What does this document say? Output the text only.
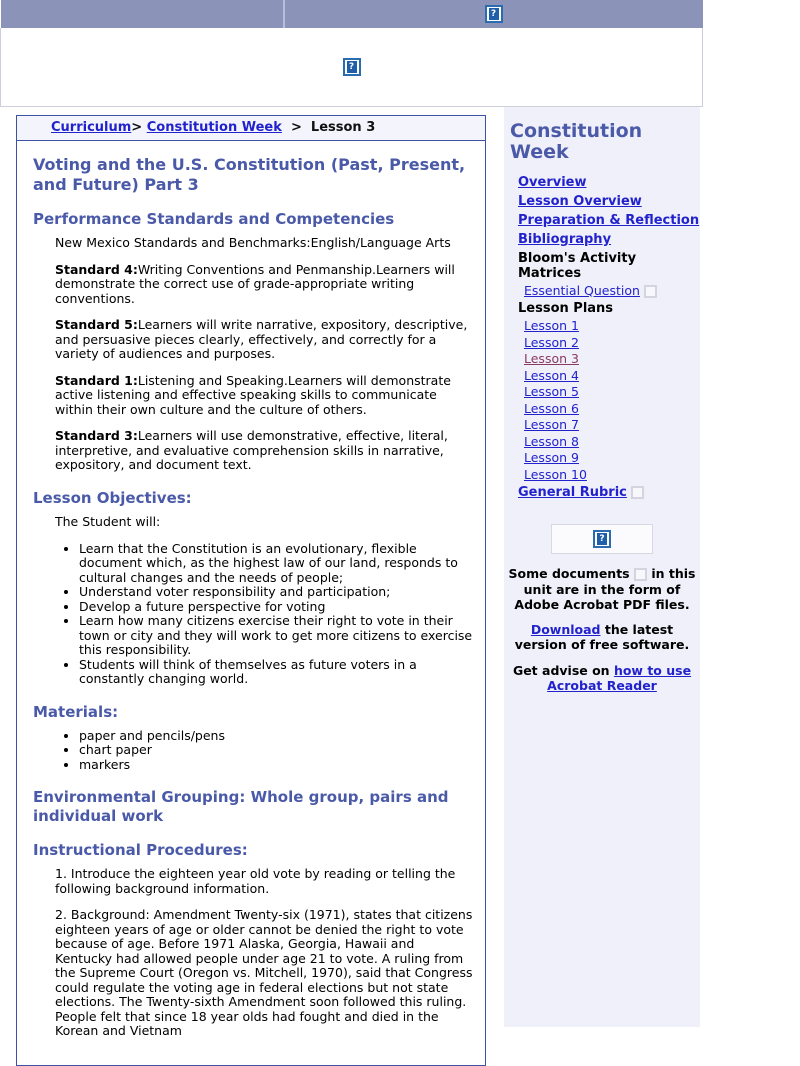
	?
?
Curriculum> Constitution Week > Lesson 3
Voting and the U.S. Constitution (Past, Present, and Future) Part 3
Performance Standards and Competencies

New Mexico Standards and Benchmarks:English/Language Arts

Standard 4:Writing Conventions and Penmanship.Learners will demonstrate the correct use of grade-appropriate writing conventions.

Standard 5:Learners will write narrative, expository, descriptive, and persuasive pieces clearly, effectively, and correctly for a variety of audiences and purposes.

Standard 1:Listening and Speaking.Learners will demonstrate active listening and effective speaking skills to communicate within their own culture and the culture of others.

Standard 3:Learners will use demonstrative, effective, literal, interpretive, and evaluative comprehension skills in narrative, expository, and document text.

Lesson Objectives:

The Student will:

• Learn that the Constitution is an evolutionary, flexible document which, as the highest law of our land, responds to cultural changes and the needs of people;
• Understand voter responsibility and participation;
• Develop a future perspective for voting
• Learn how many citizens exercise their right to vote in their town or city and they will work to get more citizens to exercise this responsibility.
• Students will think of themselves as future voters in a constantly changing world.
Materials:
• paper and pencils/pens
• chart paper
• markers
Environmental Grouping: Whole group, pairs and individual work
Instructional Procedures:

1. Introduce the eighteen year old vote by reading or telling the following background information.

2. Background: Amendment Twenty-six (1971), states that citizens eighteen years of age or older cannot be denied the right to vote because of age. Before 1971 Alaska, Georgia, Hawaii and Kentucky had allowed people under age 21 to vote. A ruling from the Supreme Court (Oregon vs. Mitchell, 1970), said that Congress could regulate the voting age in federal elections but not state elections. The Twenty-sixth Amendment soon followed this ruling. People felt that since 18 year olds had fought and died in the Korean and Vietnam

Constitution Week
Overview
Lesson Overview
Preparation & Reflection
Bibliography
Bloom's Activity Matrices
Essential Question
Lesson Plans
Lesson 1
Lesson 2
Lesson 3
Lesson 4
Lesson 5
Lesson 6
Lesson 7
Lesson 8
Lesson 9
Lesson 10
General Rubric
?
Some documents in this unit are in the form of Adobe Acrobat PDF files.
Download the latest version of free software.
Get advise on how to use Acrobat Reader
